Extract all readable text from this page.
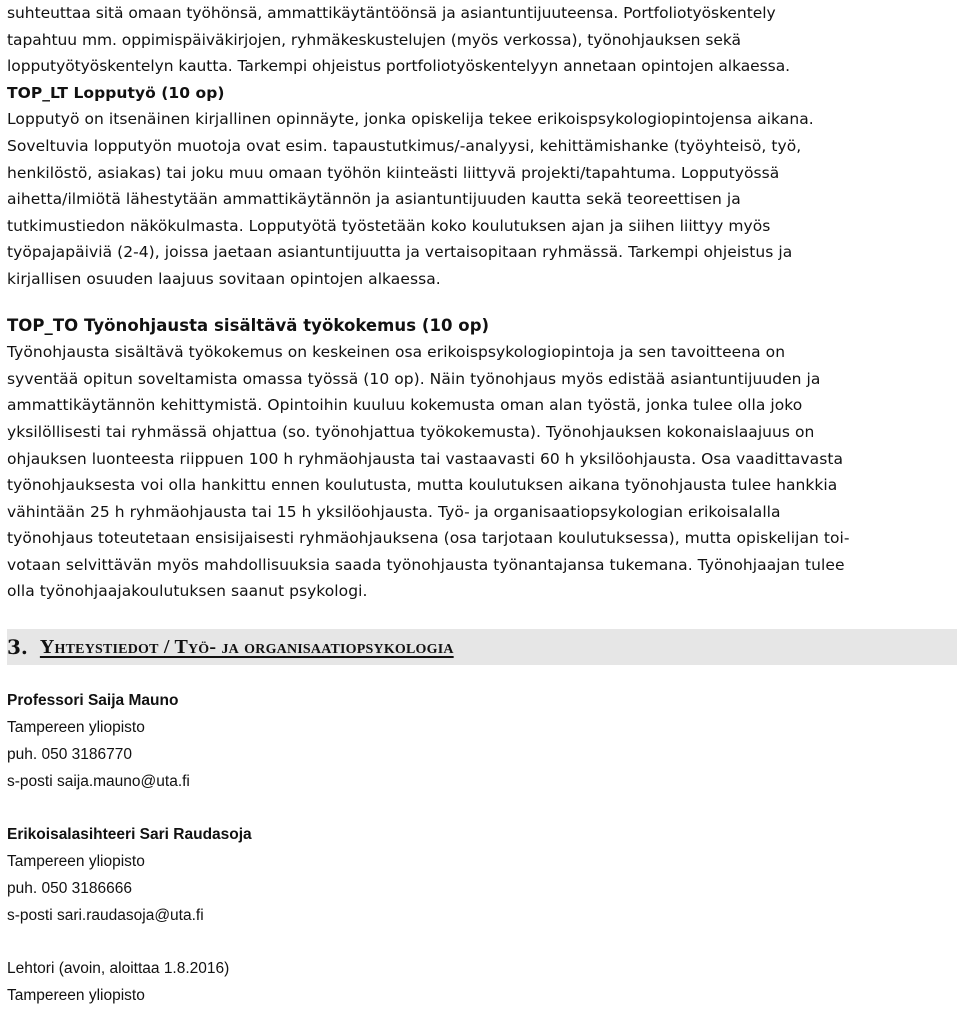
suhteuttaa sitä omaan työhönsä, ammattikäytäntöönsä ja asiantuntijuuteensa. Portfoliotyöskentely
tapahtuu mm. oppimispäiväkirjojen, ryhmäkeskustelujen (myös verkossa), työnohjauksen sekä
lopputyötyöskentelyn kautta. Tarkempi ohjeistus portfoliotyöskentelyyn annetaan opintojen alkaessa.
TOP_LT Lopputyö (10 op)
Lopputyö on itsenäinen kirjallinen opinnäyte, jonka opiskelija tekee erikoispsykologiopintojensa aikana.
Soveltuvia lopputyön muotoja ovat esim. tapaustutkimus/-analyysi, kehittämishanke (työyhteisö, työ,
henkilöstö, asiakas) tai joku muu omaan työhön kiinteästi liittyvä projekti/tapahtuma. Lopputyössä
aihetta/ilmiötä lähestytään ammattikäytännön ja asiantuntijuuden kautta sekä teoreettisen ja
tutkimustiedon näkökulmasta. Lopputyötä työstetään koko koulutuksen ajan ja siihen liittyy myös
työpajapäiviä (2-4), joissa jaetaan asiantuntijuutta ja vertaisopitaan ryhmässä. Tarkempi ohjeistus ja
kirjallisen osuuden laajuus sovitaan opintojen alkaessa.
TOP_TO Työnohjausta sisältävä työkokemus (10 op)
Työnohjausta sisältävä työkokemus on keskeinen osa erikoispsykologiopintoja ja sen tavoitteena on
syventää opitun soveltamista omassa työssä (10 op). Näin työnohjaus myös edistää asiantuntijuuden ja
ammattikäytännön kehittymistä. Opintoihin kuuluu kokemusta oman alan työstä, jonka tulee olla joko
yksilöllisesti tai ryhmässä ohjattua (so. työnohjattua työkokemusta). Työnohjauksen kokonaislaajuus on
ohjauksen luonteesta riippuen 100 h ryhmäohjausta tai vastaavasti 60 h yksilöohjausta. Osa vaadittavasta
työnohjauksesta voi olla hankittu ennen koulutusta, mutta koulutuksen aikana työnohjausta tulee hankkia
vähintään 25 h ryhmäohjausta tai 15 h yksilöohjausta. Työ- ja organisaatiopsykologian erikoisalalla
työnohjaus toteutetaan ensisijaisesti ryhmäohjauksena (osa tarjotaan koulutuksessa), mutta opiskelijan toi-
votaan selvittävän myös mahdollisuuksia saada työnohjausta työnantajansa tukemana. Työnohjaajan tulee
olla työnohjaajakoulutuksen saanut psykologi.
3. Yhteystiedot / Työ- ja organisaatiopsykologia
Professori Saija Mauno
Tampereen yliopisto
puh. 050 3186770
s-posti saija.mauno@uta.fi
Erikoisalasihteeri Sari Raudasoja
Tampereen yliopisto
puh. 050 3186666
s-posti sari.raudasoja@uta.fi
Lehtori (avoin, aloittaa 1.8.2016)
Tampereen yliopisto
